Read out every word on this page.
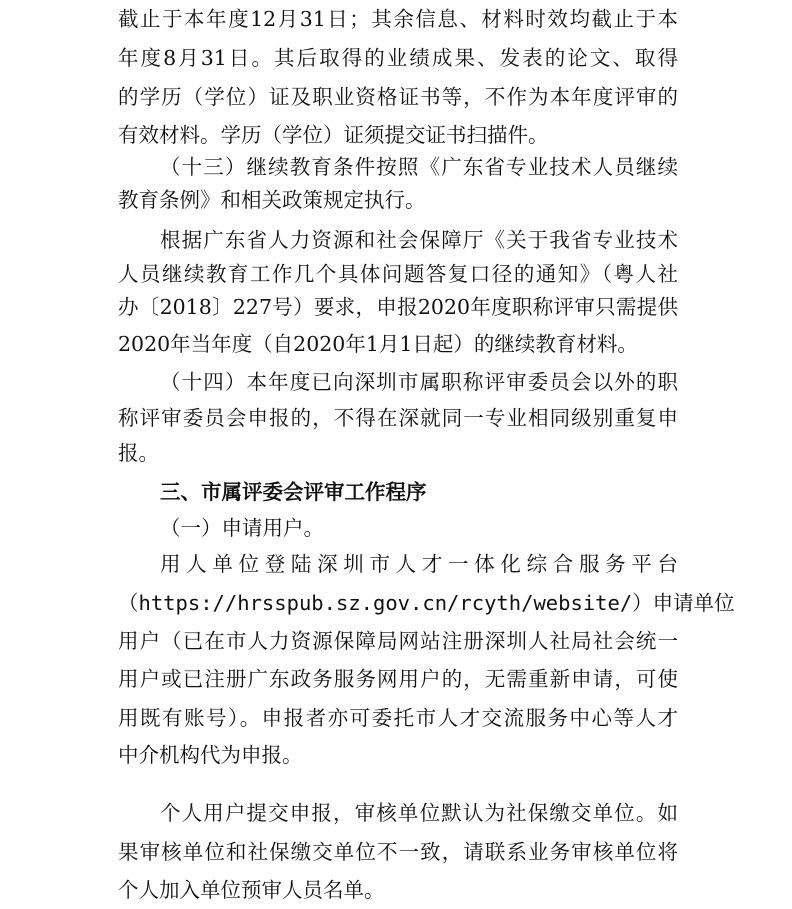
截止于本年度12月31日；其余信息、材料时效均截止于本
年度8月31日。其后取得的业绩成果、发表的论文、取得
的学历（学位）证及职业资格证书等，不作为本年度评审的
有效材料。学历（学位）证须提交证书扫描件。
（十三）继续教育条件按照《广东省专业技术人员继续
教育条例》和相关政策规定执行。
根据广东省人力资源和社会保障厅《关于我省专业技术
人员继续教育工作几个具体问题答复口径的通知》（粤人社
办〔2018〕227号）要求，申报2020年度职称评审只需提供
2020年当年度（自2020年1月1日起）的继续教育材料。
（十四）本年度已向深圳市属职称评审委员会以外的职
称评审委员会申报的，不得在深就同一专业相同级别重复申
报。
三、市属评委会评审工作程序
（一）申请用户。
用人单位登陆深圳市人才一体化综合服务平台
（https://hrsspub.sz.gov.cn/rcyth/website/）申请单位
用户（已在市人力资源保障局网站注册深圳人社局社会统一
用户或已注册广东政务服务网用户的，无需重新申请，可使
用既有账号）。申报者亦可委托市人才交流服务中心等人才
中介机构代为申报。
个人用户提交申报，审核单位默认为社保缴交单位。如
果审核单位和社保缴交单位不一致，请联系业务审核单位将
个人加入单位预审人员名单。
